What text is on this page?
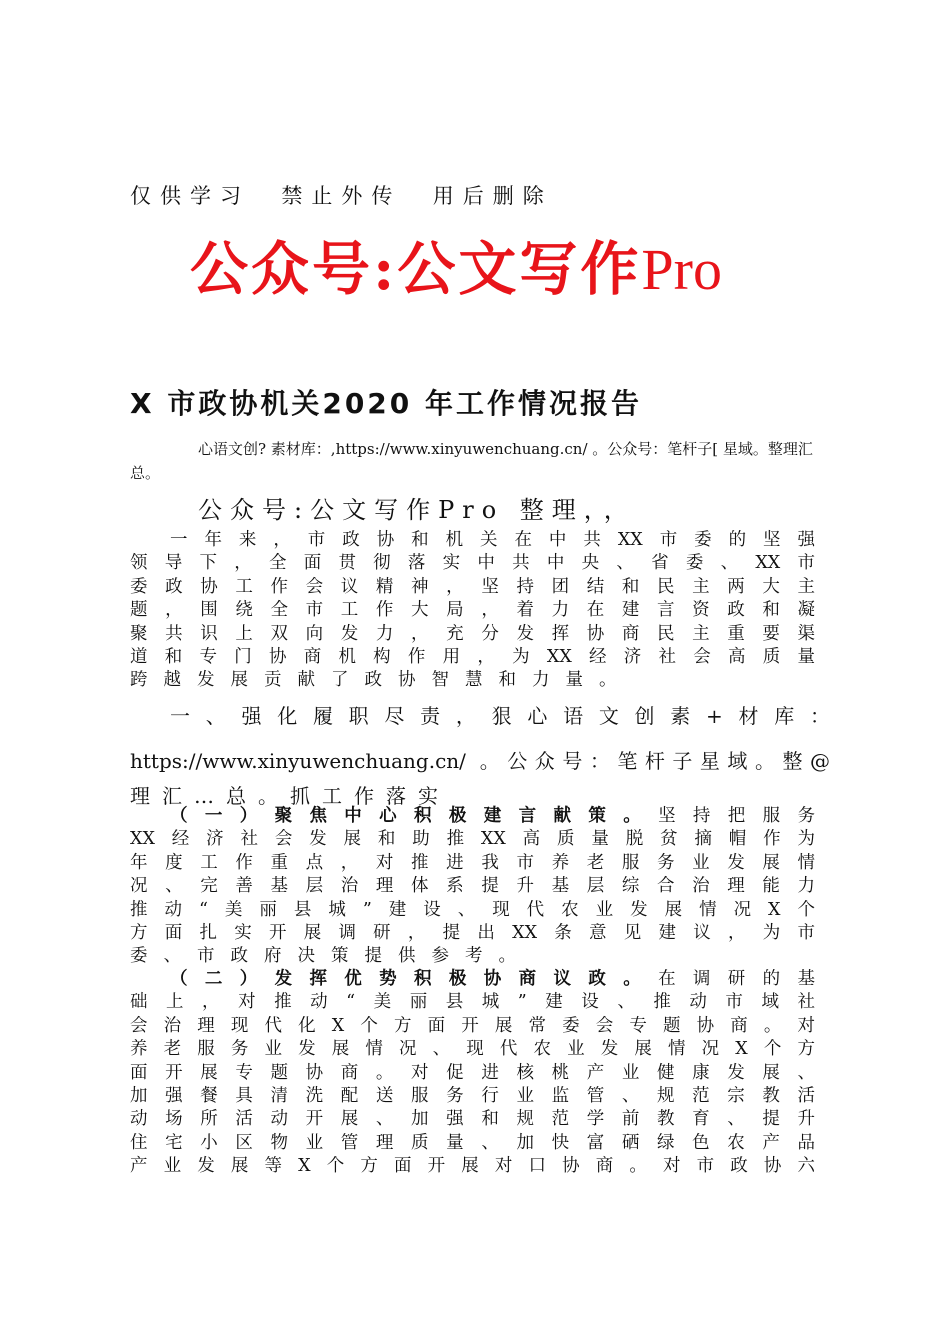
仅供学习  禁止外传  用后删除
公众号:公文写作Pro
X 市政协机关2020 年工作情况报告

心语文创? 素材库：,https://www.xinyuwenchuang.cn/ 。公众号：笔杆子[ 星域。整理汇总。

公众号:公文写作Pro 整理，，
一年来，市政协和机关在中共XX市委的坚强
领导下，全面贯彻落实中共中央、省委、XX市
委政协工作会议精神，坚持团结和民主两大主
题，围绕全市工作大局，着力在建言资政和凝
聚共识上双向发力，充分发挥协商民主重要渠
道和专门协商机构作用，为XX经济社会高质量
跨越发展贡献了政协智慧和力量。
一、强化履职尽责，狠心语文创素+材库：
https://www.xinyuwenchuang.cn/ 。公众号：笔杆子星域。整@
理汇…总。抓工作落实
（一）聚焦中心积极建言献策。坚持把服务
XX经济社会发展和助推XX高质量脱贫摘帽作为
年度工作重点，对推进我市养老服务业发展情
况、完善基层治理体系提升基层综合治理能力
推动“美丽县城”建设、现代农业发展情况X个
方面扎实开展调研，提出XX条意见建议，为市
委、市政府决策提供参考。
（二）发挥优势积极协商议政。在调研的基
础上，对推动“美丽县城”建设、推动市域社
会治理现代化X个方面开展常委会专题协商。对
养老服务业发展情况、现代农业发展情况X个方
面开展专题协商。对促进核桃产业健康发展、
加强餐具清洗配送服务行业监管、规范宗教活
动场所活动开展、加强和规范学前教育、提升
住宅小区物业管理质量、加快富硒绿色农产品
产业发展等X个方面开展对口协商。对市政协六
